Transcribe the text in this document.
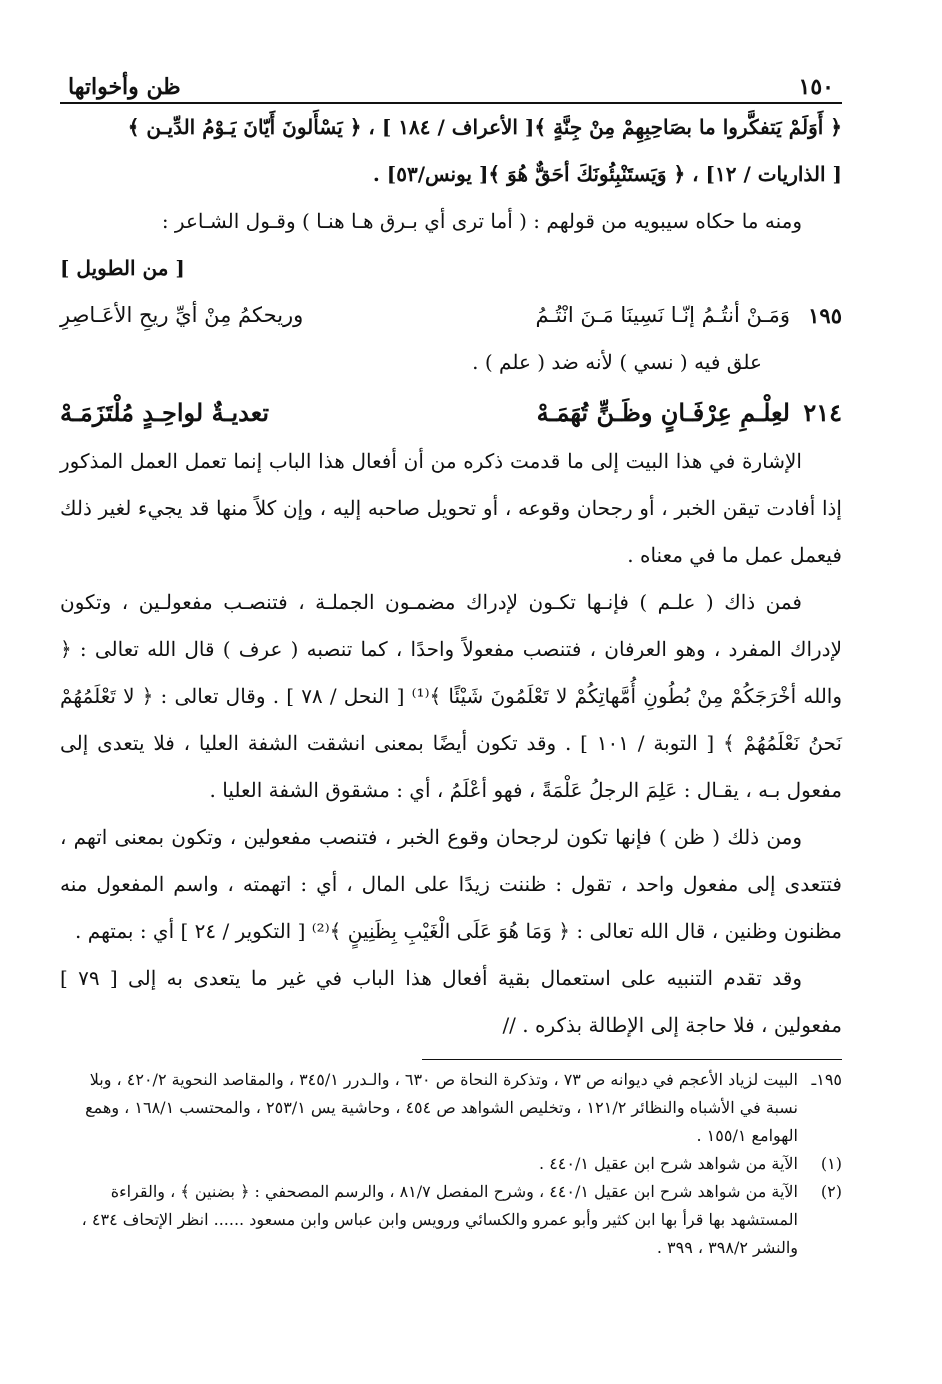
١٥٠
ظن وأخواتها

﴿ أَوَلَمْ يَتفكَّروا ما بصَاحِبِهِمْ مِنْ جِنَّةٍ ﴾[ الأعراف / ١٨٤ ] ، ﴿ يَسْأَلونَ أَيّانَ يَـوْمُ الدِّيـن ﴾

[ الذاريات / ١٢] ، ﴿ وَيَستَنْبِئُونَكَ أحَقٌّ هُوَ ﴾[ يونس/٥٣] .

ومنه ما حكاه سيبويه من قولهم : ( أما ترى أي بـرق هـا هنـا ) وقـول الشـاعر :

[ من الطويل ]

١٩٥
وَمَـنْ أنتُـمُ إنّـا نَسِينَا مَـنَ انْتُـمُ
وريحكمُ مِنْ أيِّ ريحِ الأعَـاصِرِ

علق فيه ( نسي ) لأنه ضد ( علم ) .

٢١٤
لعِلْـمِ عِرْفَـانٍ وظَـنٍّ تُهَمَـهْ
تعديـةٌ لواحِـدٍ مُلْتَزَمَـهْ

الإشارة في هذا البيت إلى ما قدمت ذكره من أن أفعال هذا الباب إنما تعمل العمل المذكور إذا أفادت تيقن الخبر ، أو رجحان وقوعه ، أو تحويل صاحبه إليه ، وإن كلاً منها قد يجيء لغير ذلك فيعمل عمل ما في معناه .

فمن ذاك ( علـم ) فإنـها تكـون لإدراك مضمـون الجملـة ، فتنصـب مفعولـين ، وتكون لإدراك المفرد ، وهو العرفان ، فتنصب مفعولاً واحدًا ، كما تنصبه ( عرف ) قال الله تعالى : ﴿ والله أخْرَجَكُمْ مِنْ بُطُونِ أُمَّهاتِكُمْ لا تَعْلَمُونَ شَيْئًا ﴾⁽¹⁾ [ النحل / ٧٨ ] . وقال تعالى : ﴿ لا تَعْلَمُهُمْ نَحنُ نَعْلَمُهُمْ ﴾ [ التوبة / ١٠١ ] . وقد تكون أيضًا بمعنى انشقت الشفة العليا ، فلا يتعدى إلى مفعول بـه ، يقـال : عَلِمَ الرجلُ عَلْمَةً ، فهو أعْلَمُ ، أي : مشقوق الشفة العليا .

ومن ذلك ( ظن ) فإنها تكون لرجحان وقوع الخبر ، فتنصب مفعولين ، وتكون بمعنى اتهم ، فتتعدى إلى مفعول واحد ، تقول : ظننت زيدًا على المال ، أي : اتهمته ، واسم المفعول منه مظنون وظنين ، قال الله تعالى : ﴿ وَمَا هُوَ عَلَى الْغَيْبِ بِظَنِينٍ ﴾⁽²⁾ [ التكوير / ٢٤ ] أي : بمتهم .

وقد تقدم التنبيه على استعمال بقية أفعال هذا الباب في غير ما يتعدى به إلى [ ٧٩ ] مفعولين ، فلا حاجة إلى الإطالة بذكره . //

١٩٥ـ
البيت لزياد الأعجم في ديوانه ص ٧٣ ، وتذكرة النحاة ص ٦٣٠ ، والـدرر ٣٤٥/١ ، والمقاصد النحوية ٤٢٠/٢ ، وبلا نسبة في الأشباه والنظائر ١٢١/٢ ، وتخليص الشواهد ص ٤٥٤ ، وحاشية يس ٢٥٣/١ ، والمحتسب ١٦٨/١ ، وهمع الهوامع ١٥٥/١ .
(١)
الآية من شواهد شرح ابن عقيل ٤٤٠/١ .
(٢)
الآية من شواهد شرح ابن عقيل ٤٤٠/١ ، وشرح المفصل ٨١/٧ ، والرسم المصحفي : ﴿ بضنين ﴾ ، والقراءة المستشهد بها قرأ بها ابن كثير وأبو عمرو والكسائي ورويس وابن عباس وابن مسعود ...... انظر الإتحاف ٤٣٤ ، والنشر ٣٩٨/٢ ، ٣٩٩ .
